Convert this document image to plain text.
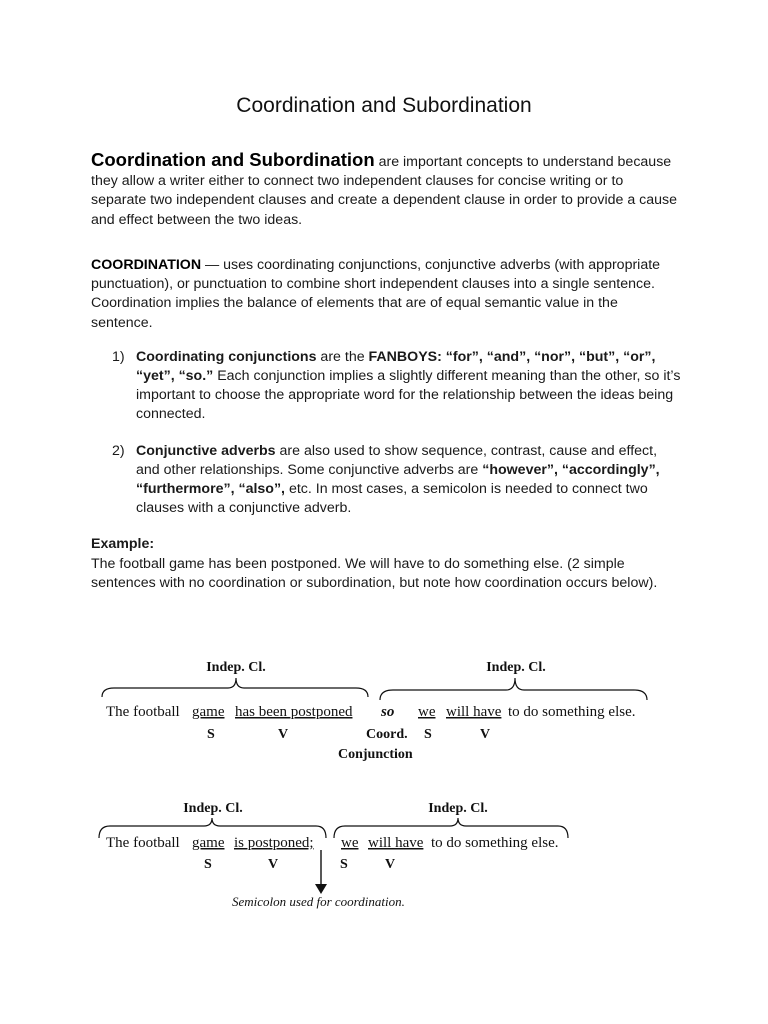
Coordination and Subordination

Coordination and Subordination are important concepts to understand because they allow a writer either to connect two independent clauses for concise writing or to separate two independent clauses and create a dependent clause in order to provide a cause and effect between the two ideas.

COORDINATION — uses coordinating conjunctions, conjunctive adverbs (with appropriate punctuation), or punctuation to combine short independent clauses into a single sentence. Coordination implies the balance of elements that are of equal semantic value in the sentence.

1) Coordinating conjunctions are the FANBOYS: “for”, “and”, “nor”, “but”, “or”, “yet”, “so.” Each conjunction implies a slightly different meaning than the other, so it’s important to choose the appropriate word for the relationship between the ideas being connected.
2) Conjunctive adverbs are also used to show sequence, contrast, cause and effect, and other relationships. Some conjunctive adverbs are “however”, “accordingly”, “furthermore”, “also”, etc. In most cases, a semicolon is needed to connect two clauses with a conjunctive adverb.
Example:
The football game has been postponed. We will have to do something else. (2 simple sentences with no coordination or subordination, but note how coordination occurs below).
Indep. Cl.	Indep. Cl.
The football game has been postponed so we will have to do something else.
S	V	Coord. S	V
Conjunction
Indep. Cl.	Indep. Cl.
The football game is postponed; we will have to do something else.
S	V	S	V
Semicolon used for coordination.
